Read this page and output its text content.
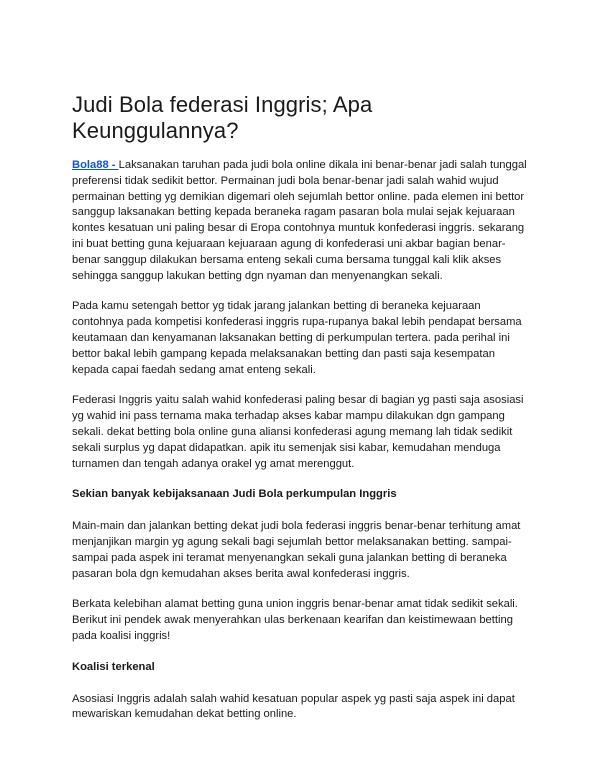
Judi Bola federasi Inggris; Apa Keunggulannya?

Bola88 - Laksanakan taruhan pada judi bola online dikala ini benar-benar jadi salah tunggal preferensi tidak sedikit bettor. Permainan judi bola benar-benar jadi salah wahid wujud permainan betting yg demikian digemari oleh sejumlah bettor online. pada elemen ini bettor sanggup laksanakan betting kepada beraneka ragam pasaran bola mulai sejak kejuaraan kontes kesatuan uni paling besar di Eropa contohnya muntuk konfederasi inggris. sekarang ini buat betting guna kejuaraan kejuaraan agung di konfederasi uni akbar bagian benar-benar sanggup dilakukan bersama enteng sekali cuma bersama tunggal kali klik akses sehingga sanggup lakukan betting dgn nyaman dan menyenangkan sekali.

Pada kamu setengah bettor yg tidak jarang jalankan betting di beraneka kejuaraan contohnya pada kompetisi konfederasi inggris rupa-rupanya bakal lebih pendapat bersama keutamaan dan kenyamanan laksanakan betting di perkumpulan tertera. pada perihal ini bettor bakal lebih gampang kepada melaksanakan betting dan pasti saja kesempatan kepada capai faedah sedang amat enteng sekali.

Federasi Inggris yaitu salah wahid konfederasi paling besar di bagian yg pasti saja asosiasi yg wahid ini pass ternama maka terhadap akses kabar mampu dilakukan dgn gampang sekali. dekat betting bola online guna aliansi konfederasi agung memang lah tidak sedikit sekali surplus yg dapat didapatkan. apik itu semenjak sisi kabar, kemudahan menduga turnamen dan tengah adanya orakel yg amat merenggut.

Sekian banyak kebijaksanaan Judi Bola perkumpulan Inggris

Main-main dan jalankan betting dekat judi bola federasi inggris benar-benar terhitung amat menjanjikan margin yg agung sekali bagi sejumlah bettor melaksanakan betting. sampai-sampai pada aspek ini teramat menyenangkan sekali guna jalankan betting di beraneka pasaran bola dgn kemudahan akses berita awal konfederasi inggris.

Berkata kelebihan alamat betting guna union inggris benar-benar amat tidak sedikit sekali. Berikut ini pendek awak menyerahkan ulas berkenaan kearifan dan keistimewaan betting pada koalisi inggris!

Koalisi terkenal

Asosiasi Inggris adalah salah wahid kesatuan popular aspek yg pasti saja aspek ini dapat mewariskan kemudahan dekat betting online.
